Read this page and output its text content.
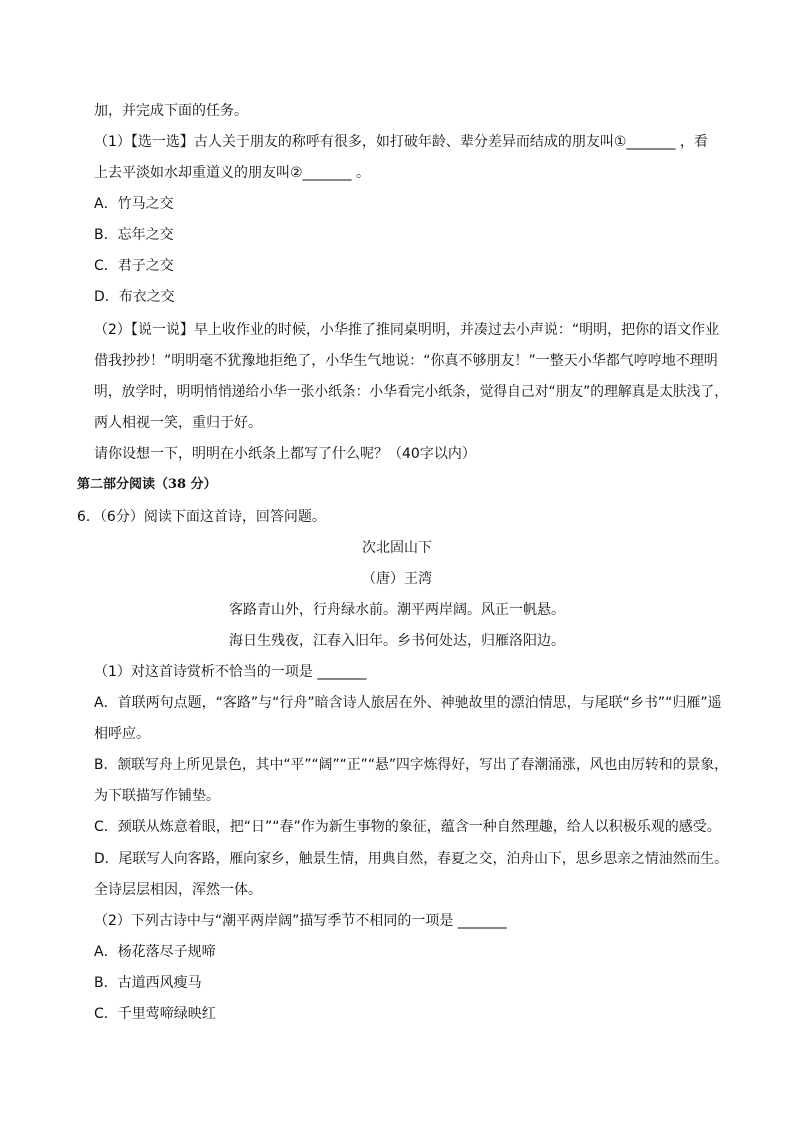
加，并完成下面的任务。
（1）【选一选】古人关于朋友的称呼有很多，如打破年龄、辈分差异而结成的朋友叫①_______ ，看
上去平淡如水却重道义的朋友叫②_______ 。
A．竹马之交
B．忘年之交
C．君子之交
D．布衣之交
（2）【说一说】早上收作业的时候，小华推了推同桌明明，并凑过去小声说：“明明，把你的语文作业
借我抄抄！”明明毫不犹豫地拒绝了，小华生气地说：“你真不够朋友！”一整天小华都气哼哼地不理明
明，放学时，明明悄悄递给小华一张小纸条：小华看完小纸条，觉得自己对“朋友”的理解真是太肤浅了，
两人相视一笑，重归于好。
请你设想一下，明明在小纸条上都写了什么呢？（40字以内）
第二部分阅读（38 分）
6．（6分）阅读下面这首诗，回答问题。
次北固山下
（唐）王湾
客路青山外，行舟绿水前。潮平两岸阔。风正一帆悬。
海日生残夜，江春入旧年。乡书何处达，归雁洛阳边。
（1）对这首诗赏析不恰当的一项是 _______
A．首联两句点题，“客路”与“行舟”暗含诗人旅居在外、神驰故里的漂泊情思，与尾联“乡书”“归雁”遥
相呼应。
B．颔联写舟上所见景色，其中“平”“阔”“正”“悬”四字炼得好，写出了春潮涌涨，风也由厉转和的景象，
为下联描写作铺垫。
C．颈联从炼意着眼，把“日”“春”作为新生事物的象征，蕴含一种自然理趣，给人以积极乐观的感受。
D．尾联写人向客路，雁向家乡，触景生情，用典自然，春夏之交，泊舟山下，思乡思亲之情油然而生。
全诗层层相因，浑然一体。
（2）下列古诗中与“潮平两岸阔”描写季节不相同的一项是 _______
A．杨花落尽子规啼
B．古道西风瘦马
C．千里莺啼绿映红
